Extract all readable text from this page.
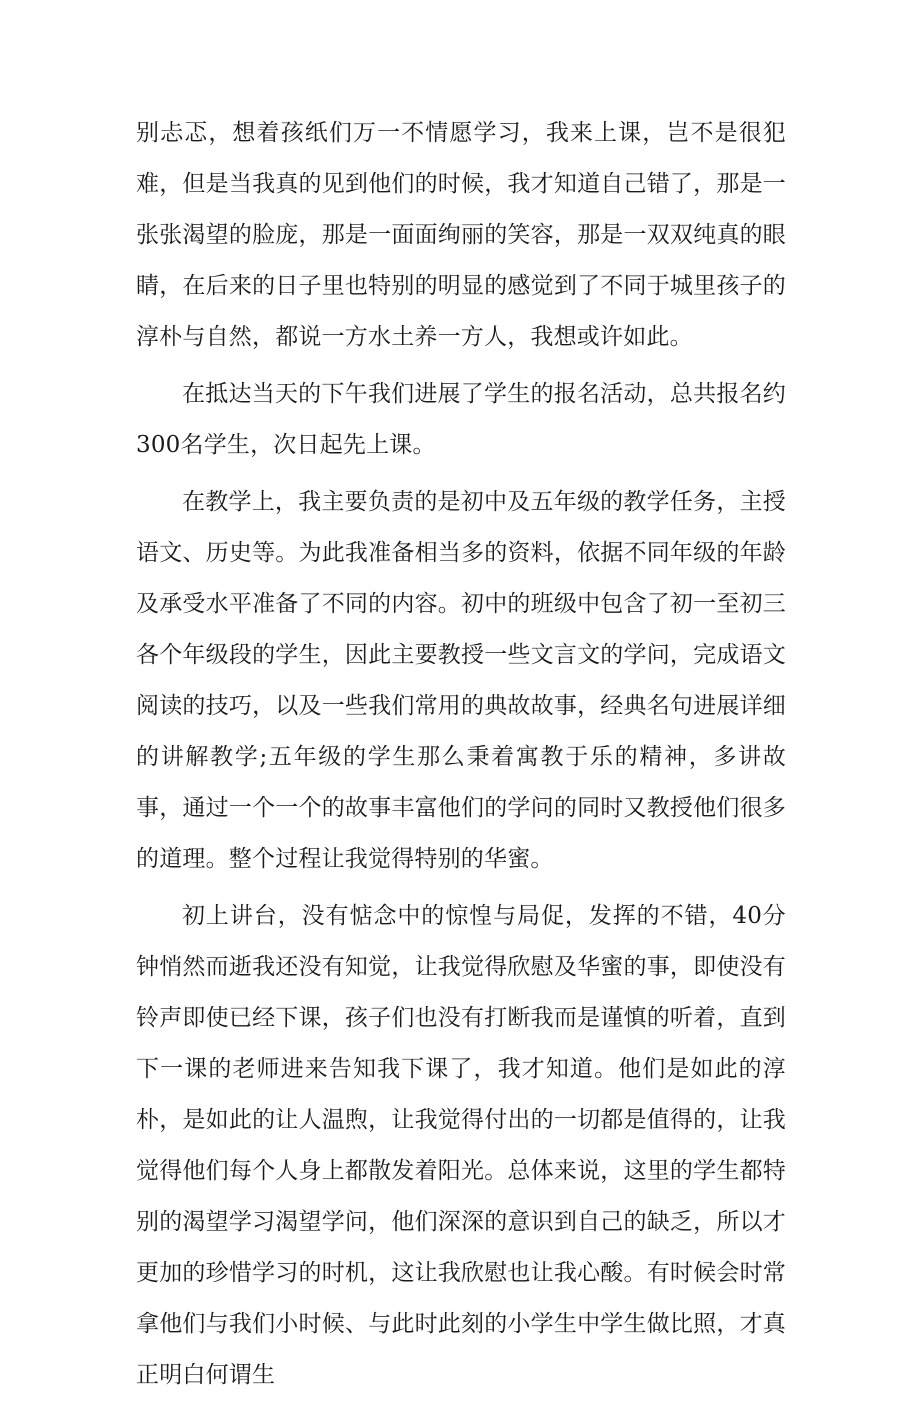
别忐忑，想着孩纸们万一不情愿学习，我来上课，岂不是很犯难，但是当我真的见到他们的时候，我才知道自己错了，那是一张张渴望的脸庞，那是一面面绚丽的笑容，那是一双双纯真的眼睛，在后来的日子里也特别的明显的感觉到了不同于城里孩子的淳朴与自然，都说一方水土养一方人，我想或许如此。

在抵达当天的下午我们进展了学生的报名活动，总共报名约300名学生，次日起先上课。

在教学上，我主要负责的是初中及五年级的教学任务，主授语文、历史等。为此我准备相当多的资料，依据不同年级的年龄及承受水平准备了不同的内容。初中的班级中包含了初一至初三各个年级段的学生，因此主要教授一些文言文的学问，完成语文阅读的技巧，以及一些我们常用的典故故事，经典名句进展详细的讲解教学;五年级的学生那么秉着寓教于乐的精神，多讲故事，通过一个一个的故事丰富他们的学问的同时又教授他们很多的道理。整个过程让我觉得特别的华蜜。

初上讲台，没有惦念中的惊惶与局促，发挥的不错，40分钟悄然而逝我还没有知觉，让我觉得欣慰及华蜜的事，即使没有铃声即使已经下课，孩子们也没有打断我而是谨慎的听着，直到下一课的老师进来告知我下课了，我才知道。他们是如此的淳朴，是如此的让人温煦，让我觉得付出的一切都是值得的，让我觉得他们每个人身上都散发着阳光。总体来说，这里的学生都特别的渴望学习渴望学问，他们深深的意识到自己的缺乏，所以才更加的珍惜学习的时机，这让我欣慰也让我心酸。有时候会时常拿他们与我们小时候、与此时此刻的小学生中学生做比照，才真正明白何谓生
